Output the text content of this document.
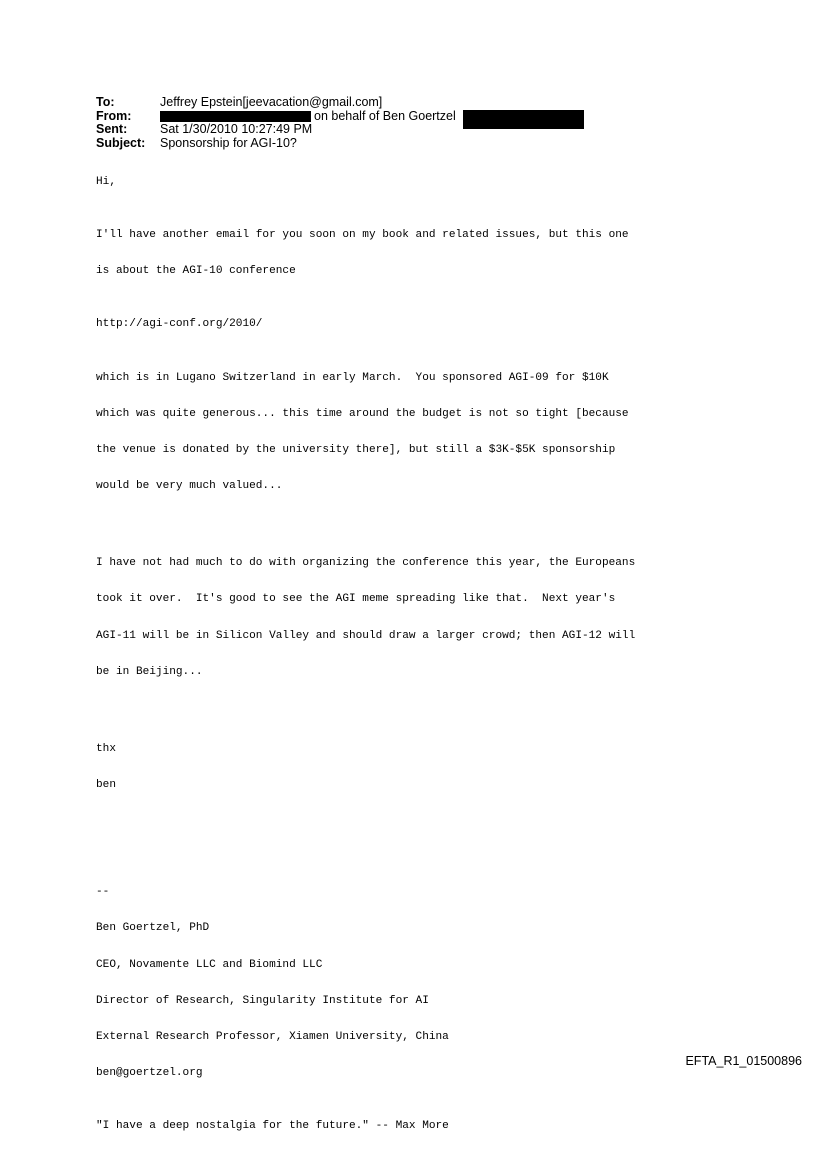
To:	Jeffrey Epstein[jeevacation@gmail.com]
From:	on behalf of Ben Goertzel
Sent:	Sat 1/30/2010 10:27:49 PM
Subject:	Sponsorship for AGI-10?
Hi,

I'll have another email for you soon on my book and related issues, but this one

is about the AGI-10 conference

http://agi-conf.org/2010/

which is in Lugano Switzerland in early March.  You sponsored AGI-09 for $10K

which was quite generous... this time around the budget is not so tight [because

the venue is donated by the university there], but still a $3K-$5K sponsorship

would be very much valued...

I have not had much to do with organizing the conference this year, the Europeans

took it over.  It's good to see the AGI meme spreading like that.  Next year's

AGI-11 will be in Silicon Valley and should draw a larger crowd; then AGI-12 will

be in Beijing...

thx

ben

--

Ben Goertzel, PhD

CEO, Novamente LLC and Biomind LLC

Director of Research, Singularity Institute for AI

External Research Professor, Xiamen University, China

ben@goertzel.org

"I have a deep nostalgia for the future." -- Max More
EFTA_R1_01500896
